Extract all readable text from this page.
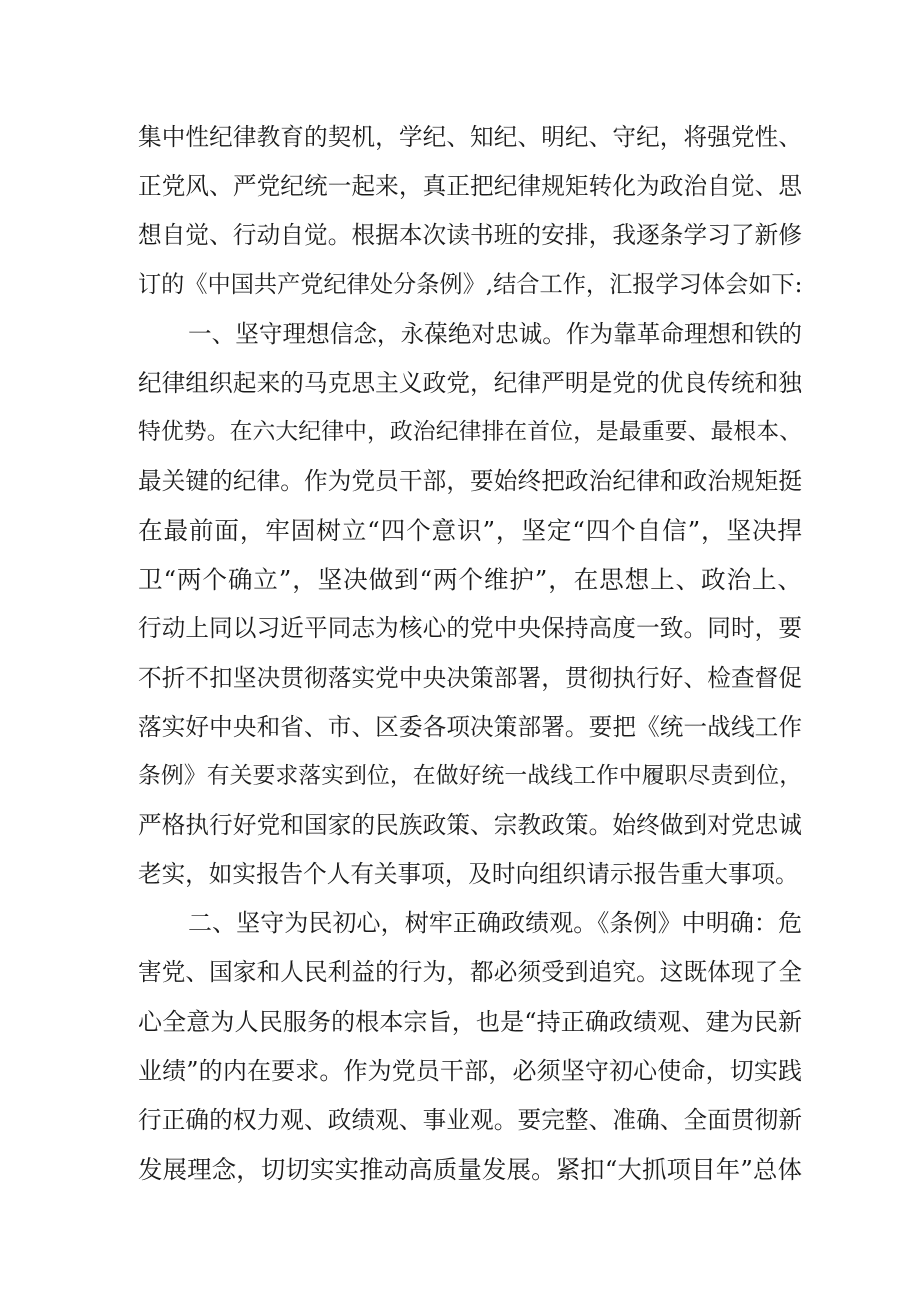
集中性纪律教育的契机，学纪、知纪、明纪、守纪，将强党性、
正党风、严党纪统一起来，真正把纪律规矩转化为政治自觉、思
想自觉、行动自觉。根据本次读书班的安排，我逐条学习了新修
订的《中国共产党纪律处分条例》,结合工作，汇报学习体会如下:
一、坚守理想信念，永葆绝对忠诚。作为靠革命理想和铁的
纪律组织起来的马克思主义政党，纪律严明是党的优良传统和独
特优势。在六大纪律中，政治纪律排在首位，是最重要、最根本、
最关键的纪律。作为党员干部，要始终把政治纪律和政治规矩挺
在最前面，牢固树立“四个意识”，坚定“四个自信”，坚决捍
卫“两个确立”，坚决做到“两个维护”，在思想上、政治上、
行动上同以习近平同志为核心的党中央保持高度一致。同时，要
不折不扣坚决贯彻落实党中央决策部署，贯彻执行好、检查督促
落实好中央和省、市、区委各项决策部署。要把《统一战线工作
条例》有关要求落实到位，在做好统一战线工作中履职尽责到位，
严格执行好党和国家的民族政策、宗教政策。始终做到对党忠诚
老实，如实报告个人有关事项，及时向组织请示报告重大事项。
二、坚守为民初心，树牢正确政绩观。《条例》中明确：危
害党、国家和人民利益的行为，都必须受到追究。这既体现了全
心全意为人民服务的根本宗旨，也是“持正确政绩观、建为民新
业绩”的内在要求。作为党员干部，必须坚守初心使命，切实践
行正确的权力观、政绩观、事业观。要完整、准确、全面贯彻新
发展理念，切切实实推动高质量发展。紧扣“大抓项目年”总体
